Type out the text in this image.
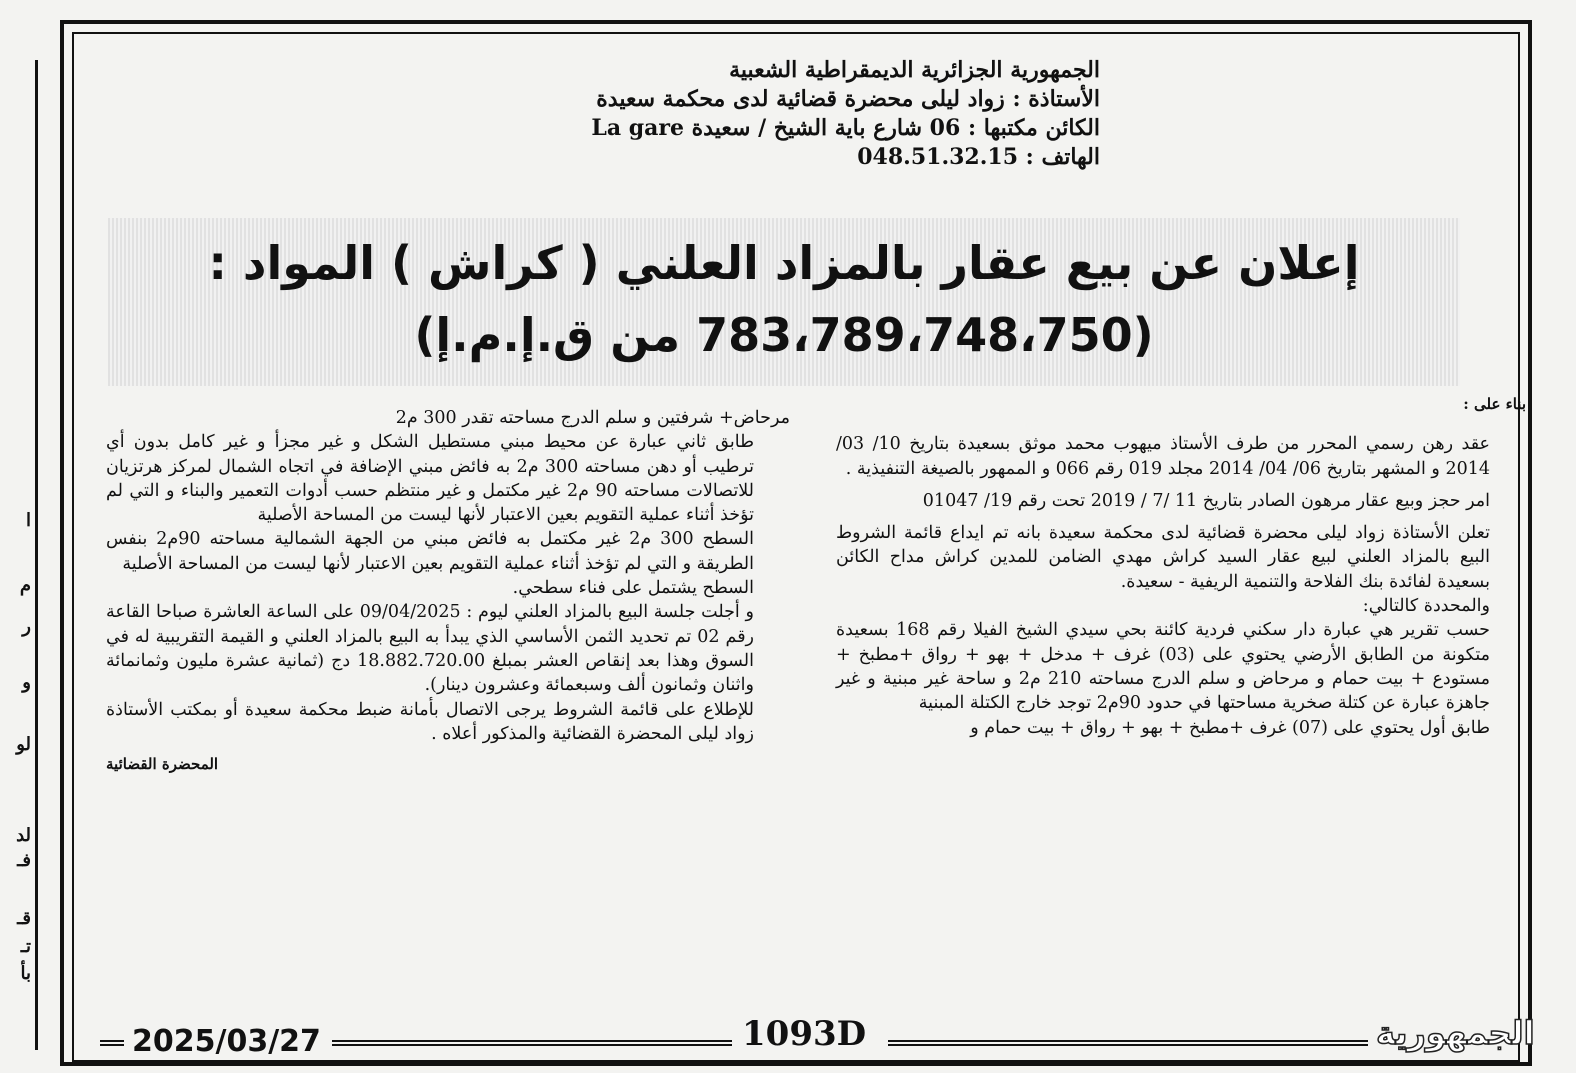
ا
م
ر
و
لو
لد
فـ
قـ
تـ
بأ
الجمهورية الجزائرية الديمقراطية الشعبية
الأستاذة : زواد ليلى محضرة قضائية لدى محكمة سعيدة
الكائن مكتبها : 06 شارع باية الشيخ / سعيدة La gare
الهاتف : 048.51.32.15
إعلان عن بيع عقار بالمزاد العلني ( كراش ) المواد :
(783،789،748،750 من ق.إ.م.إ)

بناء على :

عقد رهن رسمي المحرر من طرف الأستاذ ميهوب محمد موثق بسعيدة بتاريخ 10/ 03/ 2014 و المشهر بتاريخ 06/ 04/ 2014 مجلد 019 رقم 066 و الممهور بالصيغة التنفيذية .

امر حجز وبيع عقار مرهون الصادر بتاريخ 11 /7 / 2019 تحت رقم 19/ 01047

تعلن الأستاذة زواد ليلى محضرة قضائية لدى محكمة سعيدة بانه تم ايداع قائمة الشروط البيع بالمزاد العلني لبيع عقار السيد كراش مهدي الضامن للمدين كراش مداح الكائن بسعيدة لفائدة بنك الفلاحة والتنمية الريفية - سعيدة.

والمحددة كالتالي:

حسب تقرير هي عبارة دار سكني فردية كائنة بحي سيدي الشيخ الفيلا رقم 168 بسعيدة متكونة من الطابق الأرضي يحتوي على (03) غرف + مدخل + بهو + رواق +مطبخ + مستودع + بيت حمام و مرحاض و سلم الدرج مساحته 210 م2 و ساحة غير مبنية و غير جاهزة عبارة عن كتلة صخرية مساحتها في حدود 90م2 توجد خارج الكتلة المبنية

طابق أول يحتوي على (07) غرف +مطبخ + بهو + رواق + بيت حمام و

مرحاض+ شرفتين و سلم الدرج مساحته تقدر 300 م2

طابق ثاني عبارة عن محيط مبني مستطيل الشكل و غير مجزأ و غير كامل بدون أي ترطيب أو دهن مساحته 300 م2 به فائض مبني الإضافة في اتجاه الشمال لمركز هرتزيان للاتصالات مساحته 90 م2 غير مكتمل و غير منتظم حسب أدوات التعمير والبناء و التي لم تؤخذ أثناء عملية التقويم بعين الاعتبار لأنها ليست من المساحة الأصلية

السطح 300 م2 غير مكتمل به فائض مبني من الجهة الشمالية مساحته 90م2 بنفس الطريقة و التي لم تؤخذ أثناء عملية التقويم بعين الاعتبار لأنها ليست من المساحة الأصلية

السطح يشتمل على فناء سطحي.

و أجلت جلسة البيع بالمزاد العلني ليوم : 09/04/2025 على الساعة العاشرة صباحا القاعة رقم 02 تم تحديد الثمن الأساسي الذي يبدأ به البيع بالمزاد العلني و القيمة التقريبية له في السوق وهذا بعد إنقاص العشر بمبلغ 18.882.720.00 دج (ثمانية عشرة مليون وثمانمائة واثنان وثمانون ألف وسبعمائة وعشرون دينار).

للإطلاع على قائمة الشروط يرجى الاتصال بأمانة ضبط محكمة سعيدة أو بمكتب الأستاذة زواد ليلى المحضرة القضائية والمذكور أعلاه .

المحضرة القضائية

2025/03/27	1093D	الجمهورية
